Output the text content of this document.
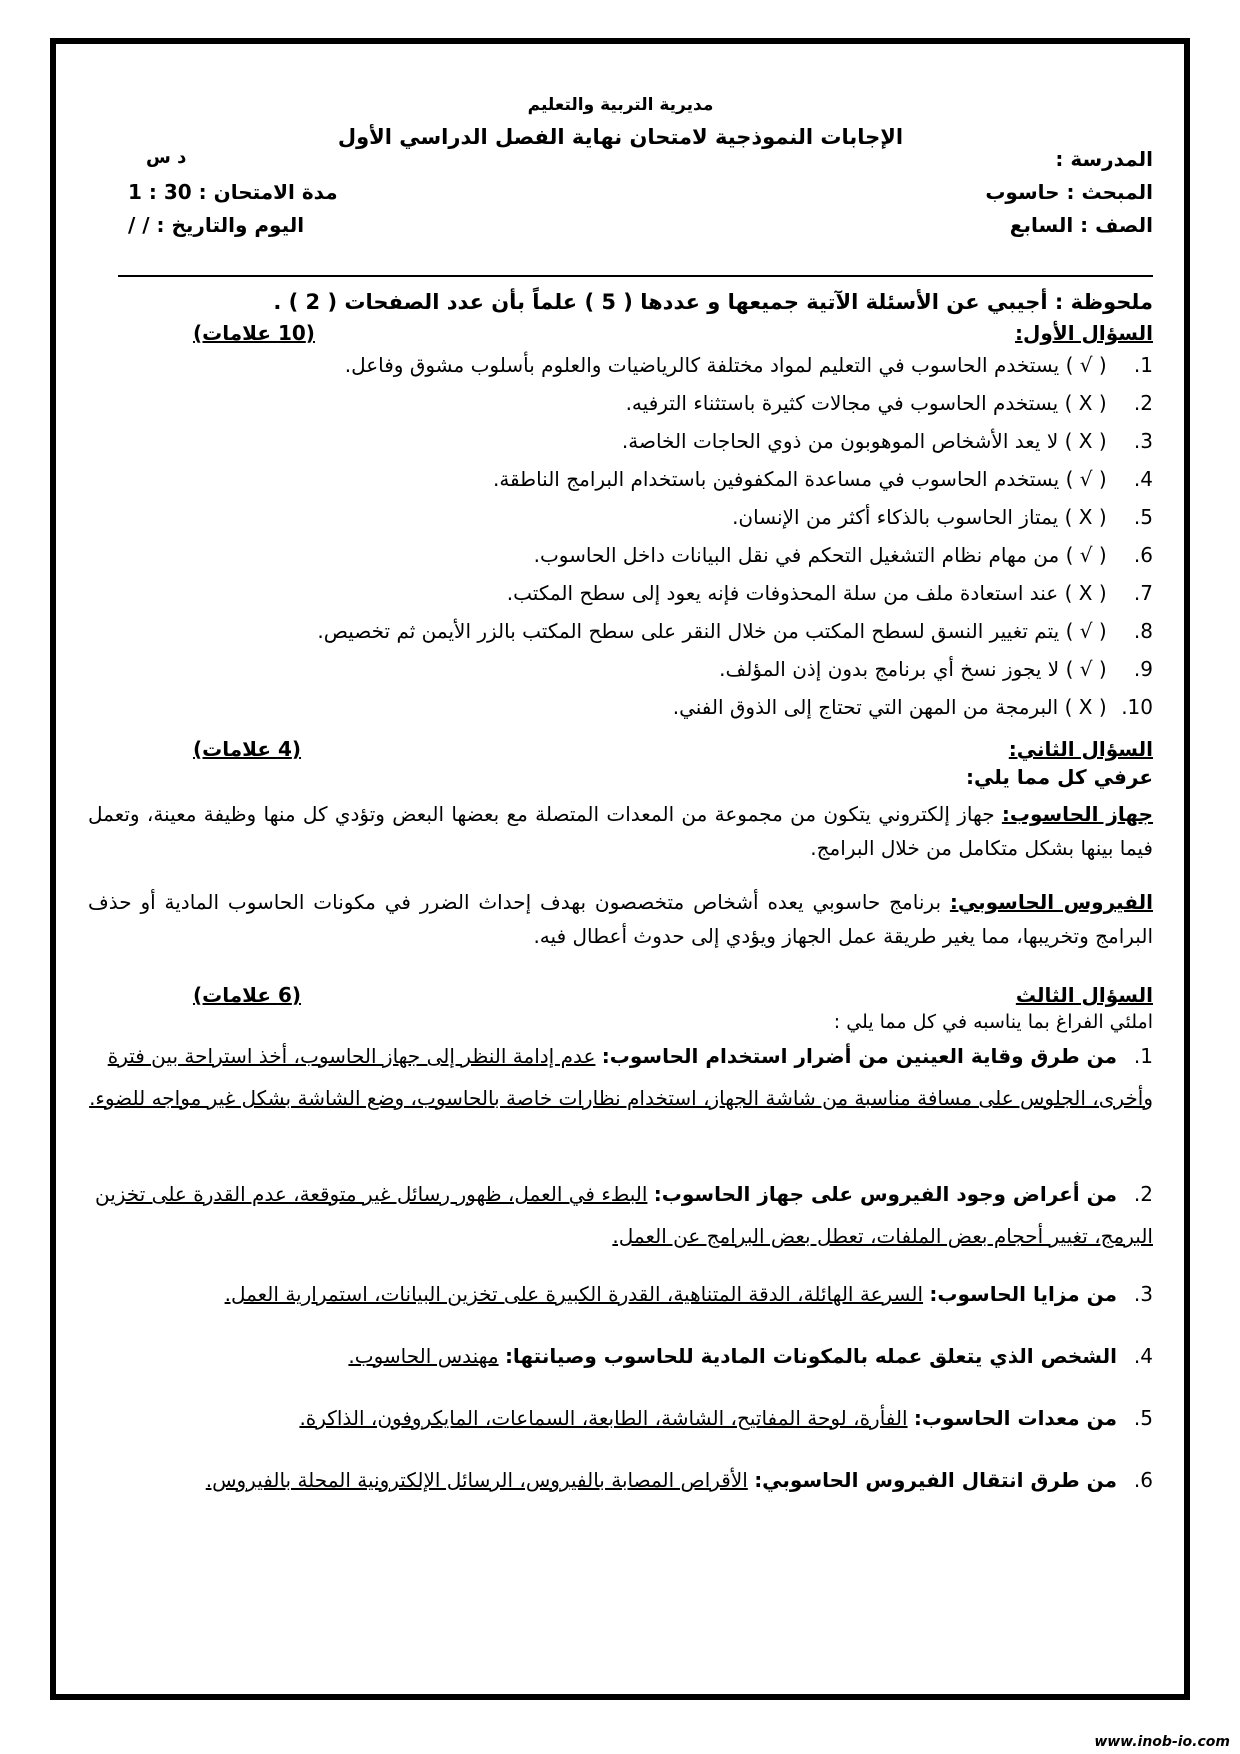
مديرية التربية والتعليم
الإجابات النموذجية لامتحان نهاية الفصل الدراسي الأول
المدرسة :
المبحث : حاسوب
الصف : السابع
د س
مدة الامتحان : 30 : 1
اليوم والتاريخ : / /
ملحوظة : أجيبي عن الأسئلة الآتية جميعها و عددها ( 5 ) علماً بأن عدد الصفحات ( 2 ) .
السؤال الأول:
(10 علامات)
1. ( √ ) يستخدم الحاسوب في التعليم لمواد مختلفة كالرياضيات والعلوم بأسلوب مشوق وفاعل.
2. ( X ) يستخدم الحاسوب في مجالات كثيرة باستثناء الترفيه.
3. ( X ) لا يعد الأشخاص الموهوبون من ذوي الحاجات الخاصة.
4. ( √ ) يستخدم الحاسوب في مساعدة المكفوفين باستخدام البرامج الناطقة.
5. ( X ) يمتاز الحاسوب بالذكاء أكثر من الإنسان.
6. ( √ ) من مهام نظام التشغيل التحكم في نقل البيانات داخل الحاسوب.
7. ( X ) عند استعادة ملف من سلة المحذوفات فإنه يعود إلى سطح المكتب.
8. ( √ ) يتم تغيير النسق لسطح المكتب من خلال النقر على سطح المكتب بالزر الأيمن ثم تخصيص.
9. ( √ ) لا يجوز نسخ أي برنامج بدون إذن المؤلف.
10. ( X ) البرمجة من المهن التي تحتاج إلى الذوق الفني.
السؤال الثاني:
(4 علامات)
عرفي كل مما يلي:
جهاز الحاسوب: جهاز إلكتروني يتكون من مجموعة من المعدات المتصلة مع بعضها البعض وتؤدي كل منها وظيفة معينة، وتعمل فيما بينها بشكل متكامل من خلال البرامج.
الفيروس الحاسوبي: برنامج حاسوبي يعده أشخاص متخصصون بهدف إحداث الضرر في مكونات الحاسوب المادية أو حذف البرامج وتخريبها، مما يغير طريقة عمل الجهاز ويؤدي إلى حدوث أعطال فيه.
السؤال الثالث
(6 علامات)
املئي الفراغ بما يناسبه في كل مما يلي :
1.من طرق وقاية العينين من أضرار استخدام الحاسوب: عدم إدامة النظر إلى جهاز الحاسوب، أخذ استراحة بين فترة وأخرى، الجلوس على مسافة مناسبة من شاشة الجهاز، استخدام نظارات خاصة بالحاسوب، وضع الشاشة بشكل غير مواجه للضوء.
2.من أعراض وجود الفيروس على جهاز الحاسوب: البطء في العمل، ظهور رسائل غير متوقعة، عدم القدرة على تخزين البرمج، تغيير أحجام بعض الملفات، تعطل بعض البرامج عن العمل.
3.من مزايا الحاسوب: السرعة الهائلة، الدقة المتناهية، القدرة الكبيرة على تخزين البيانات، استمرارية العمل.
4.الشخص الذي يتعلق عمله بالمكونات المادية للحاسوب وصيانتها: مهندس الحاسوب.
5.من معدات الحاسوب: الفأرة، لوحة المفاتيح، الشاشة، الطابعة، السماعات، المايكروفون، الذاكرة.
6.من طرق انتقال الفيروس الحاسوبي: الأقراص المصابة بالفيروس، الرسائل الإلكترونية المحلة بالفيروس.
www.inob-io.com
